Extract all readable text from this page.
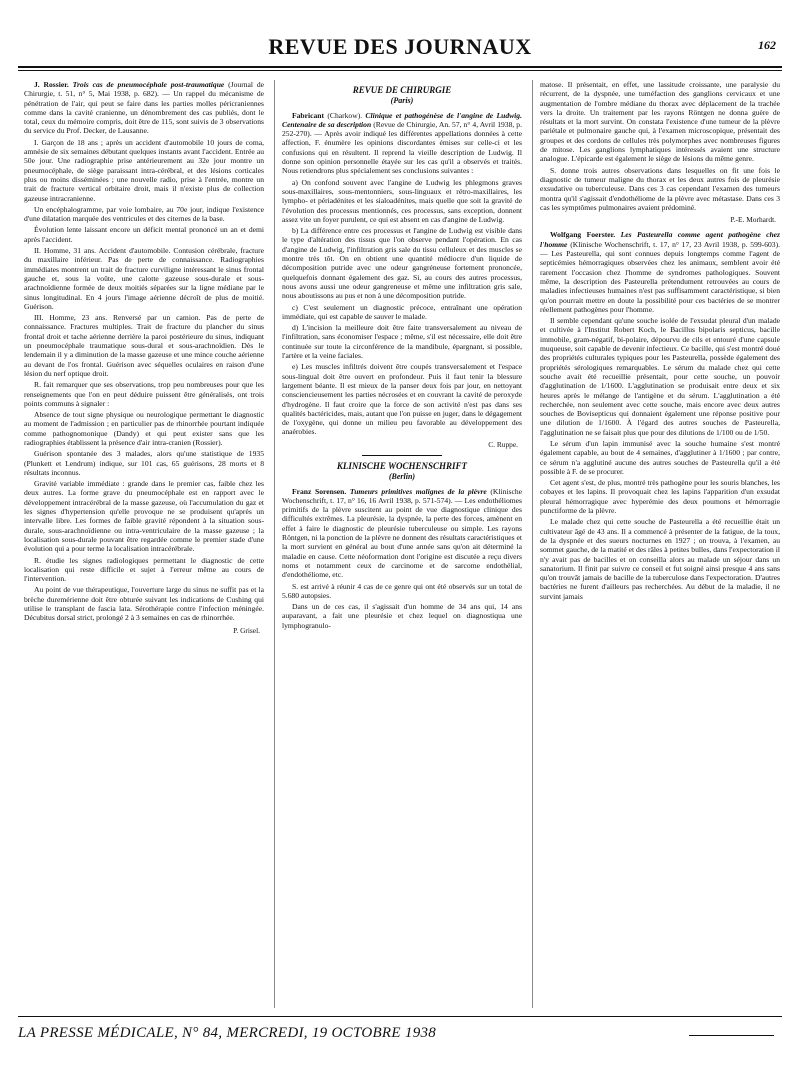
REVUE DES JOURNAUX	162

J. Rossier. Trois cas de pneumocéphale post-traumatique (Journal de Chirurgie, t. 51, n° 5, Mai 1938, p. 682). — Un rappel du mécanisme de pénétration de l'air, qui peut se faire dans les parties molles péricraniennes comme dans la cavité cranienne, un dénombrement des cas publiés, dont le total, ceux du mémoire compris, doit être de 115, sont suivis de 3 observations du service du Prof. Decker, de Lausanne.

I. Garçon de 18 ans ; après un accident d'automobile 10 jours de coma, amnésie de six semaines débutant quelques instants avant l'accident. Entrée au 50e jour. Une radiographie prise antérieurement au 32e jour montre un pneumocéphale, de siège paraissant intra-cérébral, et des lésions corticales plus ou moins disséminées ; une nouvelle radio, prise à l'entrée, montre un trait de fracture vertical orbitaire droit, mais il n'existe plus de collection gazeuse intracranienne.

Un encéphalogramme, par voie lombaire, au 70e jour, indique l'existence d'une dilatation marquée des ventricules et des citernes de la base.

Évolution lente laissant encore un déficit mental prononcé un an et demi après l'accident.

II. Homme, 31 ans. Accident d'automobile. Contusion cérébrale, fracture du maxillaire inférieur. Pas de perte de connaissance. Radiographies immédiates montrent un trait de fracture curviligne intéressant le sinus frontal gauche et, sous la voûte, une calotte gazeuse sous-durale et sous-arachnoïdienne formée de deux moitiés séparées sur la ligne médiane par le sinus longitudinal. En 4 jours l'image aérienne décroît de plus de moitié. Guérison.

III. Homme, 23 ans. Renversé par un camion. Pas de perte de connaissance. Fractures multiples. Trait de fracture du plancher du sinus frontal droit et tache aérienne derrière la paroi postérieure du sinus, indiquant un pneumocéphale traumatique sous-dural et sous-arachnoïdien. Dès le lendemain il y a diminution de la masse gazeuse et une mince couche aérienne au devant de l'os frontal. Guérison avec séquelles oculaires en raison d'une lésion du nerf optique droit.

R. fait remarquer que ses observations, trop peu nombreuses pour que les renseignements que l'on en peut déduire puissent être généralisés, ont trois points communs à signaler :

Absence de tout signe physique ou neurologique permettant le diagnostic au moment de l'admission ; en particulier pas de rhinorrhée pourtant indiquée comme pathognomonique (Dandy) et qui peut exister sans que les radiographies établissent la présence d'air intra-cranien (Rossier).

Guérison spontanée des 3 malades, alors qu'une statistique de 1935 (Plunkett et Lendrum) indique, sur 101 cas, 65 guérisons, 28 morts et 8 résultats inconnus.

Gravité variable immédiate : grande dans le premier cas, faible chez les deux autres. La forme grave du pneumocéphale est en rapport avec le développement intracérébral de la masse gazeuse, où l'accumulation du gaz et les signes d'hypertension qu'elle provoque ne se produisent qu'après un intervalle libre. Les formes de faible gravité répondent à la situation sous-durale, sous-arachnoïdienne ou intra-ventriculaire de la masse gazeuse ; la localisation sous-durale pouvant être regardée comme le premier stade d'une évolution qui a pour terme la localisation intracérébrale.

R. étudie les signes radiologiques permettant le diagnostic de cette localisation qui reste difficile et sujet à l'erreur même au cours de l'intervention.

Au point de vue thérapeutique, l'ouverture large du sinus ne suffit pas et la brèche duremérienne doit être obturée suivant les indications de Cushing qui utilise le transplant de fascia lata. Sérothérapie contre l'infection méningée. Décubitus dorsal strict, prolongé 2 à 3 semaines en cas de rhinorrhée.

P. Grisel.
REVUE DE CHIRURGIE
(Paris)

Fabricant (Charkow). Clinique et pathogénèse de l'angine de Ludwig. Centenaire de sa description (Revue de Chirurgie, An. 57, n° 4, Avril 1938, p. 252-270). — Après avoir indiqué les différentes appellations données à cette affection, F. énumère les opinions discordantes émises sur celle-ci et les confusions qui en résultent. Il reprend la vieille description de Ludwig. Il donne son opinion personnelle étayée sur les cas qu'il a observés et traités. Nous retiendrons plus spécialement ses conclusions suivantes :

a) On confond souvent avec l'angine de Ludwig les phlegmons graves sous-maxillaires, sous-mentonniers, sous-linguaux et rétro-maxillaires, les lympho- et périadénites et les sialoadénites, mais quelle que soit la gravité de l'évolution des processus mentionnés, ces processus, sans exception, donnent assez vite un foyer purulent, ce qui est absent en cas d'angine de Ludwig.

b) La différence entre ces processus et l'angine de Ludwig est visible dans le type d'altération des tissus que l'on observe pendant l'opération. En cas d'angine de Ludwig, l'infiltration gris sale du tissu celluleux et des muscles se montre très tôt. On en obtient une quantité médiocre d'un liquide de décomposition putride avec une odeur gangréneuse fortement prononcée, quelquefois donnant également des gaz. Si, au cours des autres processus, nous avons aussi une odeur gangreneuse et même une infiltration gris sale, nous aboutissons au pus et non à une décomposition putride.

c) C'est seulement un diagnostic précoce, entraînant une opération immédiate, qui est capable de sauver le malade.

d) L'incision la meilleure doit être faite transversalement au niveau de l'infiltration, sans économiser l'espace ; même, s'il est nécessaire, elle doit être continuée sur toute la circonférence de la mandibule, épargnant, si possible, l'artère et la veine faciales.

e) Les muscles infiltrés doivent être coupés transversalement et l'espace sous-lingual doit être ouvert en profondeur. Puis il faut tenir la blessure largement béante. Il est mieux de la panser deux fois par jour, en nettoyant consciencieusement les parties nécrosées et en couvrant la cavité de peroxyde d'hydrogène. Il faut croire que la force de son activité n'est pas dans ses qualités bactéricides, mais, autant que l'on puisse en juger, dans le dégagement de l'oxygène, qui donne un milieu peu favorable au développement des anaérobies.

C. Ruppe.
KLINISCHE WOCHENSCHRIFT
(Berlin)

Franz Sorensen. Tumeurs primitives malignes de la plèvre (Klinische Wochenschrift, t. 17, n° 16, 16 Avril 1938, p. 571-574). — Les endothéliomes primitifs de la plèvre suscitent au point de vue diagnostique clinique des difficultés extrêmes. La pleurésie, la dyspnée, la perte des forces, amènent en effet à faire le diagnostic de pleurésie tuberculeuse ou simple. Les rayons Röntgen, ni la ponction de la plèvre ne donnent des résultats caractéristiques et la mort survient en général au bout d'une année sans qu'on ait déterminé la maladie en cause. Cette néoformation dont l'origine est discutée a reçu divers noms et notamment ceux de carcinome et de sarcome endothélial, d'endothéliome, etc.

S. est arrivé à réunir 4 cas de ce genre qui ont été observés sur un total de 5.680 autopsies.

Dans un de ces cas, il s'agissait d'un homme de 34 ans qui, 14 ans auparavant, a fait une pleurésie et chez lequel on diagnostiqua une lymphogranulo-

matose. Il présentait, en effet, une lassitude croissante, une paralysie du récurrent, de la dyspnée, une tuméfaction des ganglions cervicaux et une augmentation de l'ombre médiane du thorax avec déplacement de la trachée vers la droite. Un traitement par les rayons Röntgen ne donna guère de résultats et la mort survint. On constata l'existence d'une tumeur de la plèvre pariétale et pulmonaire gauche qui, à l'examen microscopique, présentait des groupes et des cordons de cellules très polymorphes avec nombreuses figures de mitose. Les ganglions lymphatiques intéressés avaient une structure analogue. L'épicarde est également le siège de lésions du même genre.

S. donne trois autres observations dans lesquelles on fit une fois le diagnostic de tumeur maligne du thorax et les deux autres fois de pleurésie exsudative ou tuberculeuse. Dans ces 3 cas cependant l'examen des tumeurs montra qu'il s'agissait d'endothéliome de la plèvre avec métastase. Dans ces 3 cas les symptômes pulmonaires avaient prédominé.

P.-E. Morhardt.

Wolfgang Foerster. Les Pasteurella comme agent pathogène chez l'homme (Klinische Wochenschrift, t. 17, n° 17, 23 Avril 1938, p. 599-603). — Les Pasteurella, qui sont connues depuis longtemps comme l'agent de septicémies hémorragiques observées chez les animaux, semblent avoir été rarement l'occasion chez l'homme de syndromes pathologiques. Souvent même, la description des Pasteurella prétendument retrouvées au cours de maladies infectieuses humaines n'est pas suffisamment caractéristique, si bien qu'on pourrait mettre en doute la possibilité pour ces bactéries de se montrer réellement pathogènes pour l'homme.

Il semble cependant qu'une souche isolée de l'exsudat pleural d'un malade et cultivée à l'Institut Robert Koch, le Bacillus bipolaris septicus, bacille immobile, gram-négatif, bi-polaire, dépourvu de cils et entouré d'une capsule muqueuse, soit capable de devenir infectieux. Ce bacille, qui s'est montré doué des propriétés culturales typiques pour les Pasteurella, possède également des propriétés sérologiques remarquables. Le sérum du malade chez qui cette souche avait été recueillie présentait, pour cette souche, un pouvoir d'agglutination de 1/1600. L'agglutination se produisait entre deux et six heures après le mélange de l'antigène et du sérum. L'agglutination a été recherchée, non seulement avec cette souche, mais encore avec deux autres souches de Bovisepticus qui donnaient également une réponse positive pour une dilution de 1/1600. À l'égard des autres souches de Pasteurella, l'agglutination ne se faisait plus que pour des dilutions de 1/100 ou de 1/50.

Le sérum d'un lapin immunisé avec la souche humaine s'est montré également capable, au bout de 4 semaines, d'agglutiner à 1/1600 ; par contre, ce sérum n'a agglutiné aucune des autres souches de Pasteurella qu'il a été possible à F. de se procurer.

Cet agent s'est, de plus, montré très pathogène pour les souris blanches, les cobayes et les lapins. Il provoquait chez les lapins l'apparition d'un exsudat pleural hémorragique avec hyperémie des deux poumons et hémorragie punctiforme de la plèvre.

Le malade chez qui cette souche de Pasteurella a été recueillie était un cultivateur âgé de 43 ans. Il a commencé à présenter de la fatigue, de la toux, de la dyspnée et des sueurs nocturnes en 1927 ; on trouva, à l'examen, au sommet gauche, de la matité et des râles à petites bulles, dans l'expectoration il n'y avait pas de bacilles et on conseilla alors au malade un séjour dans un sanatorium. Il finit par suivre ce conseil et fut soigné ainsi presque 4 ans sans qu'on trouvât jamais de bacille de la tuberculose dans l'expectoration. D'autres bactéries ne furent d'ailleurs pas recherchées. Au début de la maladie, il ne survint jamais

LA PRESSE MÉDICALE, N° 84, MERCREDI, 19 OCTOBRE 1938
